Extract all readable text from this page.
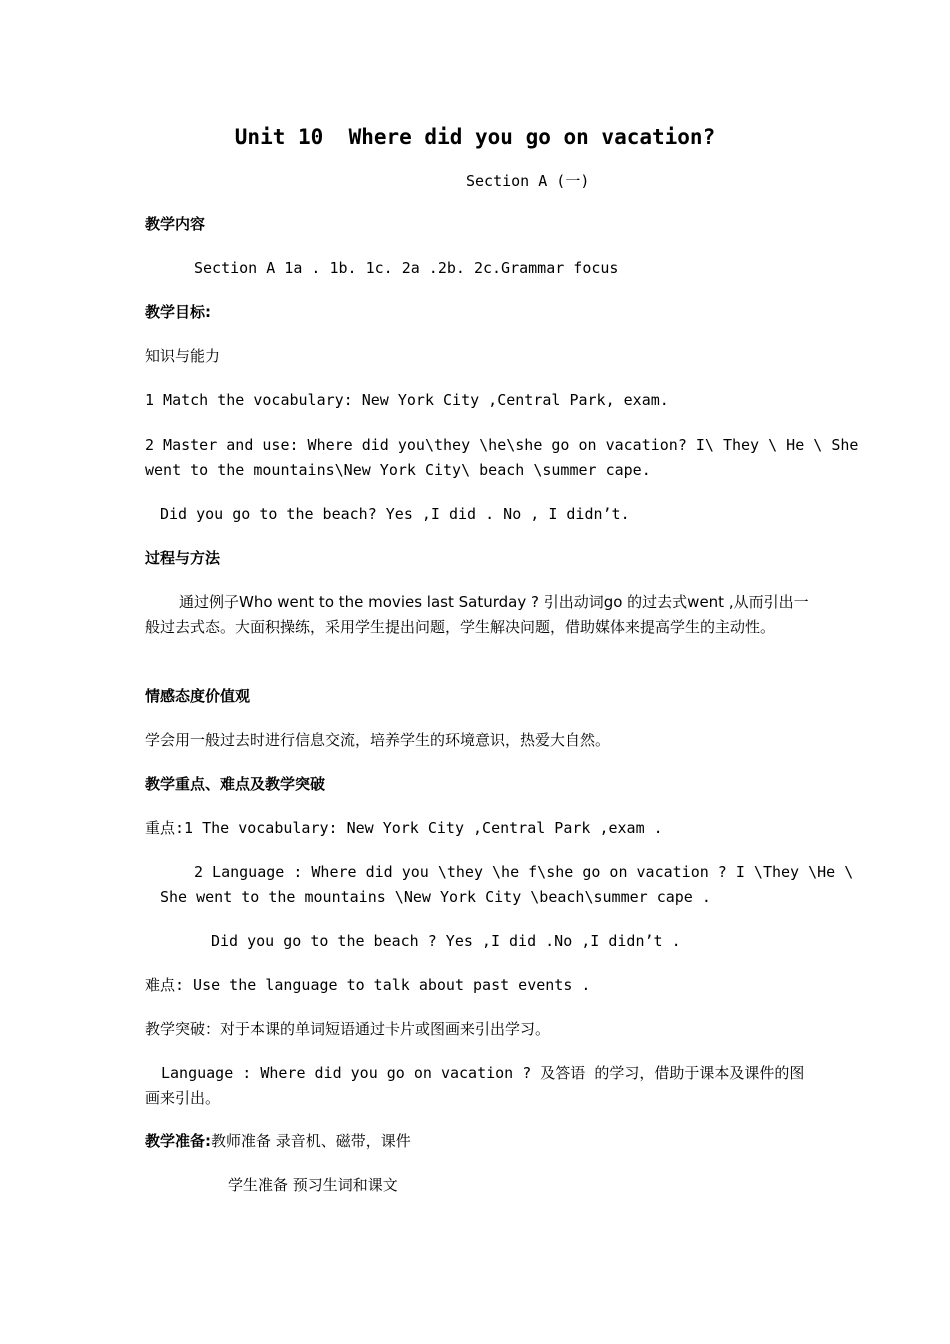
Unit 10  Where did you go on vacation?
Section A (一)
教学内容
Section A 1a . 1b. 1c. 2a .2b. 2c.Grammar focus
教学目标:
知识与能力
1 Match the vocabulary: New York City ,Central Park, exam.
2 Master and use: Where did you\they \he\she go on vacation? I\ They \ He \ She
went to the mountains\New York City\ beach \summer cape.
Did you go to the beach? Yes ,I did . No , I didn’t.
过程与方法
通过例子Who went to the movies last Saturday ? 引出动词go 的过去式went ,从而引出一般过去式态。大面积操练，采用学生提出问题，学生解决问题，借助媒体来提高学生的主动性。
情感态度价值观
学会用一般过去时进行信息交流，培养学生的环境意识，热爱大自然。
教学重点、难点及教学突破
重点:1 The vocabulary: New York City ,Central Park ,exam .
2 Language : Where did you \they \he f\she go on vacation ? I \They \He \
She went to the mountains \New York City \beach\summer cape .
Did you go to the beach ? Yes ,I did .No ,I didn’t .
难点: Use the language to talk about past events .
教学突破：对于本课的单词短语通过卡片或图画来引出学习。
Language : Where did you go on vacation ? 及答语 的学习，借助于课本及课件的图画来引出。
教学准备:教师准备 录音机、磁带，课件
学生准备 预习生词和课文
